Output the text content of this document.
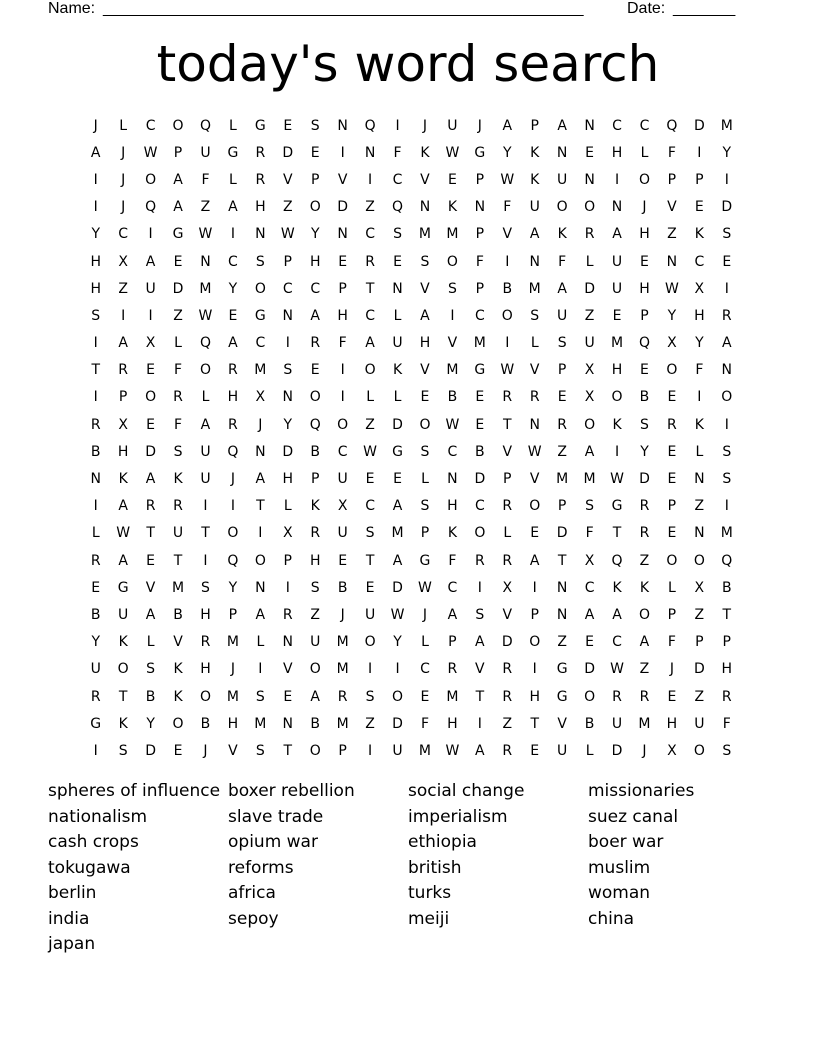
Name: ______________________________________________________	Date: _______
today's word search
J	L	C	O	Q	L	G	E	S	N	Q	I	J	U	J	A	P	A	N	C	C	Q	D	M
A	J	W	P	U	G	R	D	E	I	N	F	K	W	G	Y	K	N	E	H	L	F	I	Y
I	J	O	A	F	L	R	V	P	V	I	C	V	E	P	W	K	U	N	I	O	P	P	I
I	J	Q	A	Z	A	H	Z	O	D	Z	Q	N	K	N	F	U	O	O	N	J	V	E	D
Y	C	I	G	W	I	N	W	Y	N	C	S	M	M	P	V	A	K	R	A	H	Z	K	S
H	X	A	E	N	C	S	P	H	E	R	E	S	O	F	I	N	F	L	U	E	N	C	E
H	Z	U	D	M	Y	O	C	C	P	T	N	V	S	P	B	M	A	D	U	H	W	X	I
S	I	I	Z	W	E	G	N	A	H	C	L	A	I	C	O	S	U	Z	E	P	Y	H	R
I	A	X	L	Q	A	C	I	R	F	A	U	H	V	M	I	L	S	U	M	Q	X	Y	A
T	R	E	F	O	R	M	S	E	I	O	K	V	M	G	W	V	P	X	H	E	O	F	N
I	P	O	R	L	H	X	N	O	I	L	L	E	B	E	R	R	E	X	O	B	E	I	O
R	X	E	F	A	R	J	Y	Q	O	Z	D	O	W	E	T	N	R	O	K	S	R	K	I
B	H	D	S	U	Q	N	D	B	C	W	G	S	C	B	V	W	Z	A	I	Y	E	L	S
N	K	A	K	U	J	A	H	P	U	E	E	L	N	D	P	V	M	M	W	D	E	N	S
I	A	R	R	I	I	T	L	K	X	C	A	S	H	C	R	O	P	S	G	R	P	Z	I
L	W	T	U	T	O	I	X	R	U	S	M	P	K	O	L	E	D	F	T	R	E	N	M
R	A	E	T	I	Q	O	P	H	E	T	A	G	F	R	R	A	T	X	Q	Z	O	O	Q
E	G	V	M	S	Y	N	I	S	B	E	D	W	C	I	X	I	N	C	K	K	L	X	B
B	U	A	B	H	P	A	R	Z	J	U	W	J	A	S	V	P	N	A	A	O	P	Z	T
Y	K	L	V	R	M	L	N	U	M	O	Y	L	P	A	D	O	Z	E	C	A	F	P	P
U	O	S	K	H	J	I	V	O	M	I	I	C	R	V	R	I	G	D	W	Z	J	D	H
R	T	B	K	O	M	S	E	A	R	S	O	E	M	T	R	H	G	O	R	R	E	Z	R
G	K	Y	O	B	H	M	N	B	M	Z	D	F	H	I	Z	T	V	B	U	M	H	U	F
I	S	D	E	J	V	S	T	O	P	I	U	M	W	A	R	E	U	L	D	J	X	O	S
spheres of influence
nationalism
cash crops
tokugawa
berlin
india
japan
boxer rebellion
slave trade
opium war
reforms
africa
sepoy
social change
imperialism
ethiopia
british
turks
meiji
missionaries
suez canal
boer war
muslim
woman
china
